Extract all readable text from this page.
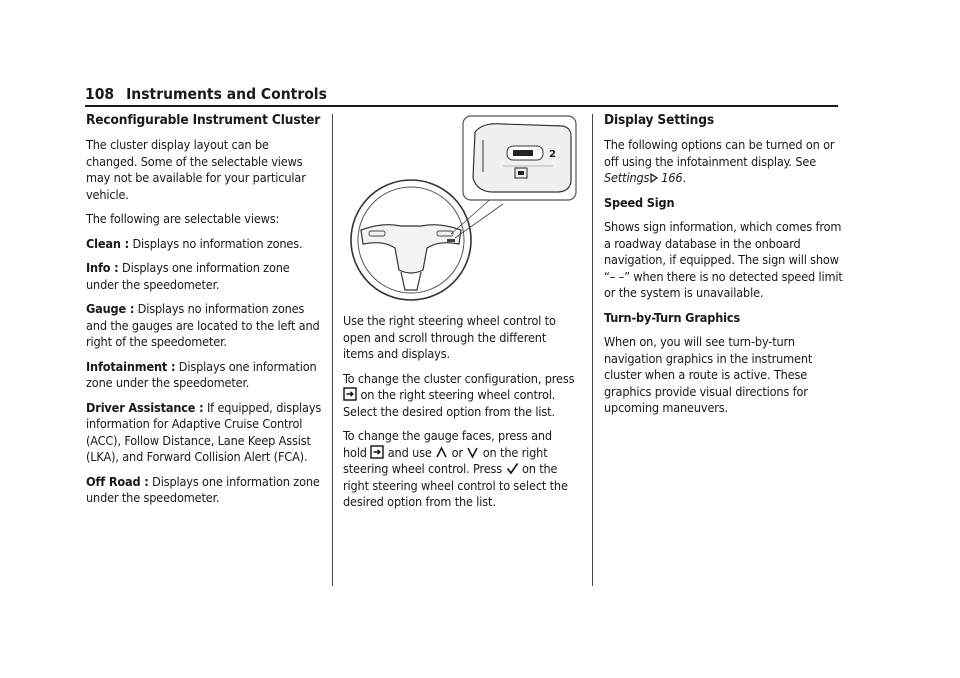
108 Instruments and Controls
Reconfigurable Instrument Cluster

The cluster display layout can be changed. Some of the selectable views may not be available for your particular vehicle.

The following are selectable views:

Clean : Displays no information zones.

Info : Displays one information zone under the speedometer.

Gauge : Displays no information zones and the gauges are located to the left and right of the speedometer.

Infotainment : Displays one information zone under the speedometer.

Driver Assistance : If equipped, displays information for Adaptive Cruise Control (ACC), Follow Distance, Lane Keep Assist (LKA), and Forward Collision Alert (FCA).

Off Road : Displays one information zone under the speedometer.

2

Use the right steering wheel control to open and scroll through the different items and displays.

To change the cluster configuration, press  on the right steering wheel control. Select the desired option from the list.

To change the gauge faces, press and hold  and use  or  on the right steering wheel control. Press  on the right steering wheel control to select the desired option from the list.

Display Settings

The following options can be turned on or off using the infotainment display. See Settings 166.

Speed Sign

Shows sign information, which comes from a roadway database in the onboard navigation, if equipped. The sign will show “– –” when there is no detected speed limit or the system is unavailable.

Turn-by-Turn Graphics

When on, you will see turn-by-turn navigation graphics in the instrument cluster when a route is active. These graphics provide visual directions for upcoming maneuvers.
